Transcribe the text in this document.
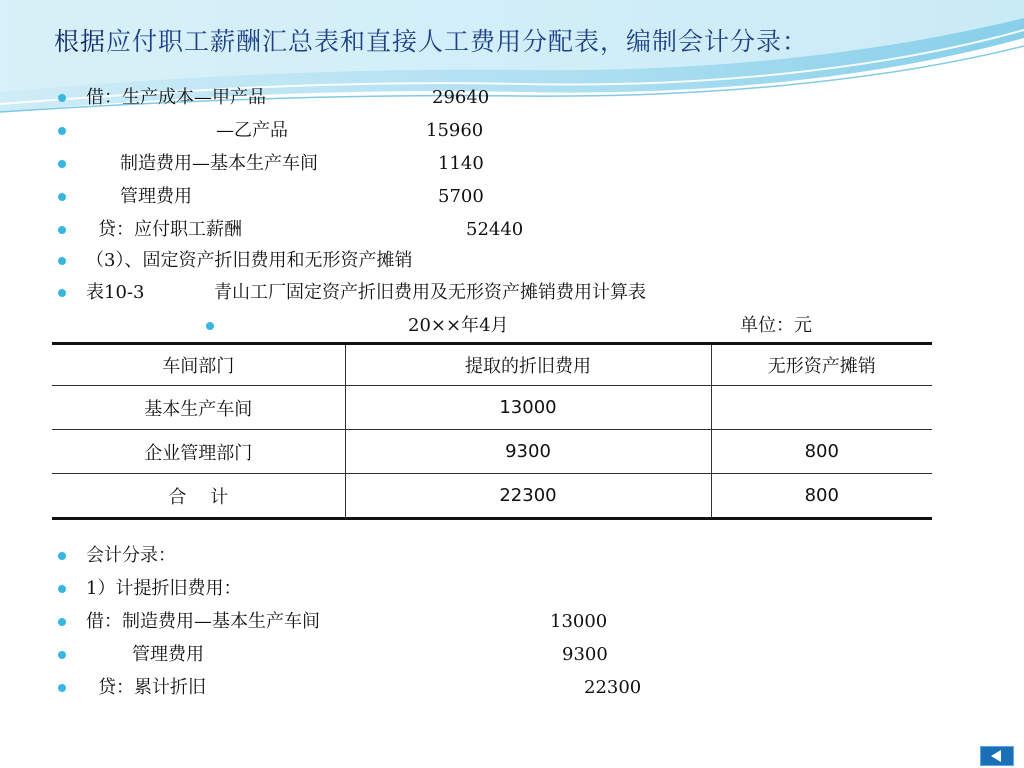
根据应付职工薪酬汇总表和直接人工费用分配表，编制会计分录：
借：生产成本—甲产品	29640
—乙产品	15960
制造费用—基本生产车间	1140
管理费用	5700
贷：应付职工薪酬	52440
（3）、固定资产折旧费用和无形资产摊销
表10-3	青山工厂固定资产折旧费用及无形资产摊销费用计算表
20××年4月	单位：元
车间部门	提取的折旧费用	无形资产摊销
基本生产车间	13000	
企业管理部门	9300	800
合　 计	22300	800
会计分录：
1）计提折旧费用：
借：制造费用—基本生产车间	13000
管理费用	9300
贷：累计折旧	22300
